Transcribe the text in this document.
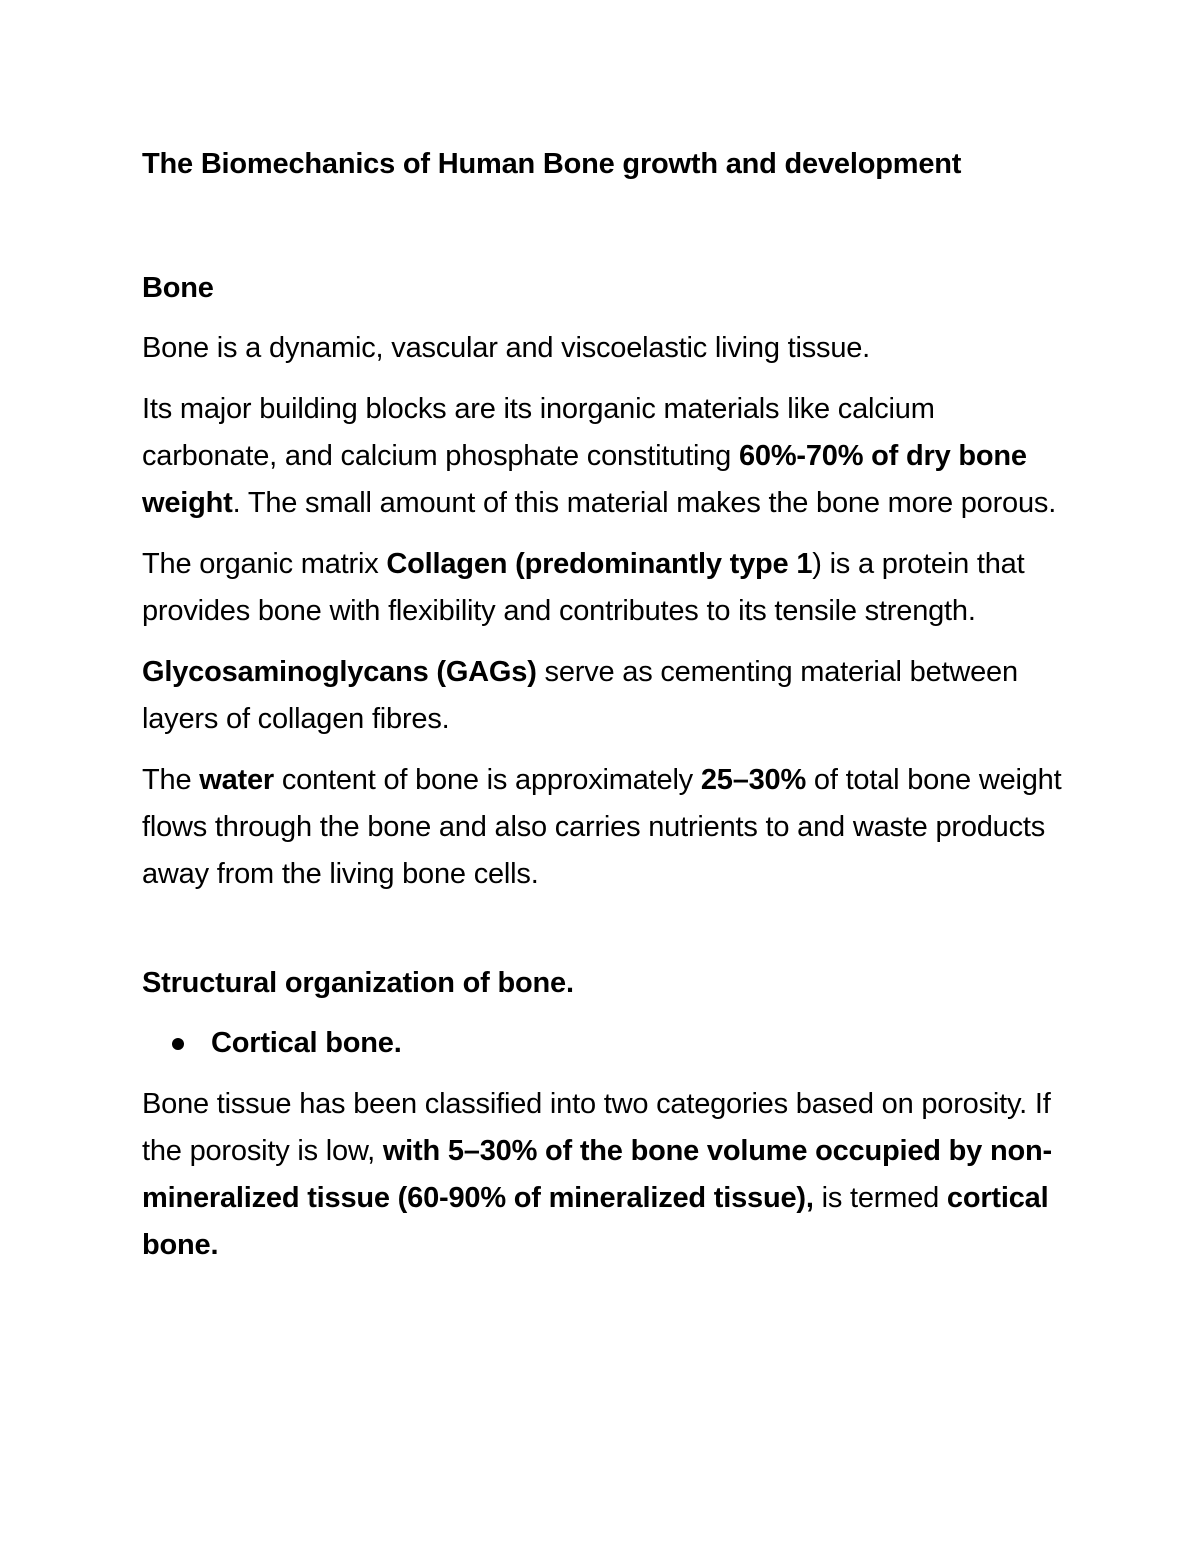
The Biomechanics of Human Bone growth and development
Bone

Bone is a dynamic, vascular and viscoelastic living tissue.

Its major building blocks are its inorganic materials like calcium carbonate, and calcium phosphate constituting 60%-70% of dry bone weight. The small amount of this material makes the bone more porous.

The organic matrix Collagen (predominantly type 1) is a protein that provides bone with flexibility and contributes to its tensile strength.

Glycosaminoglycans (GAGs) serve as cementing material between layers of collagen fibres.

The water content of bone is approximately 25–30% of total bone weight flows through the bone and also carries nutrients to and waste products away from the living bone cells.

Structural organization of bone.
Cortical bone.

Bone tissue has been classified into two categories based on porosity. If the porosity is low, with 5–30% of the bone volume occupied by non-mineralized tissue (60-90% of mineralized tissue), is termed cortical bone.
